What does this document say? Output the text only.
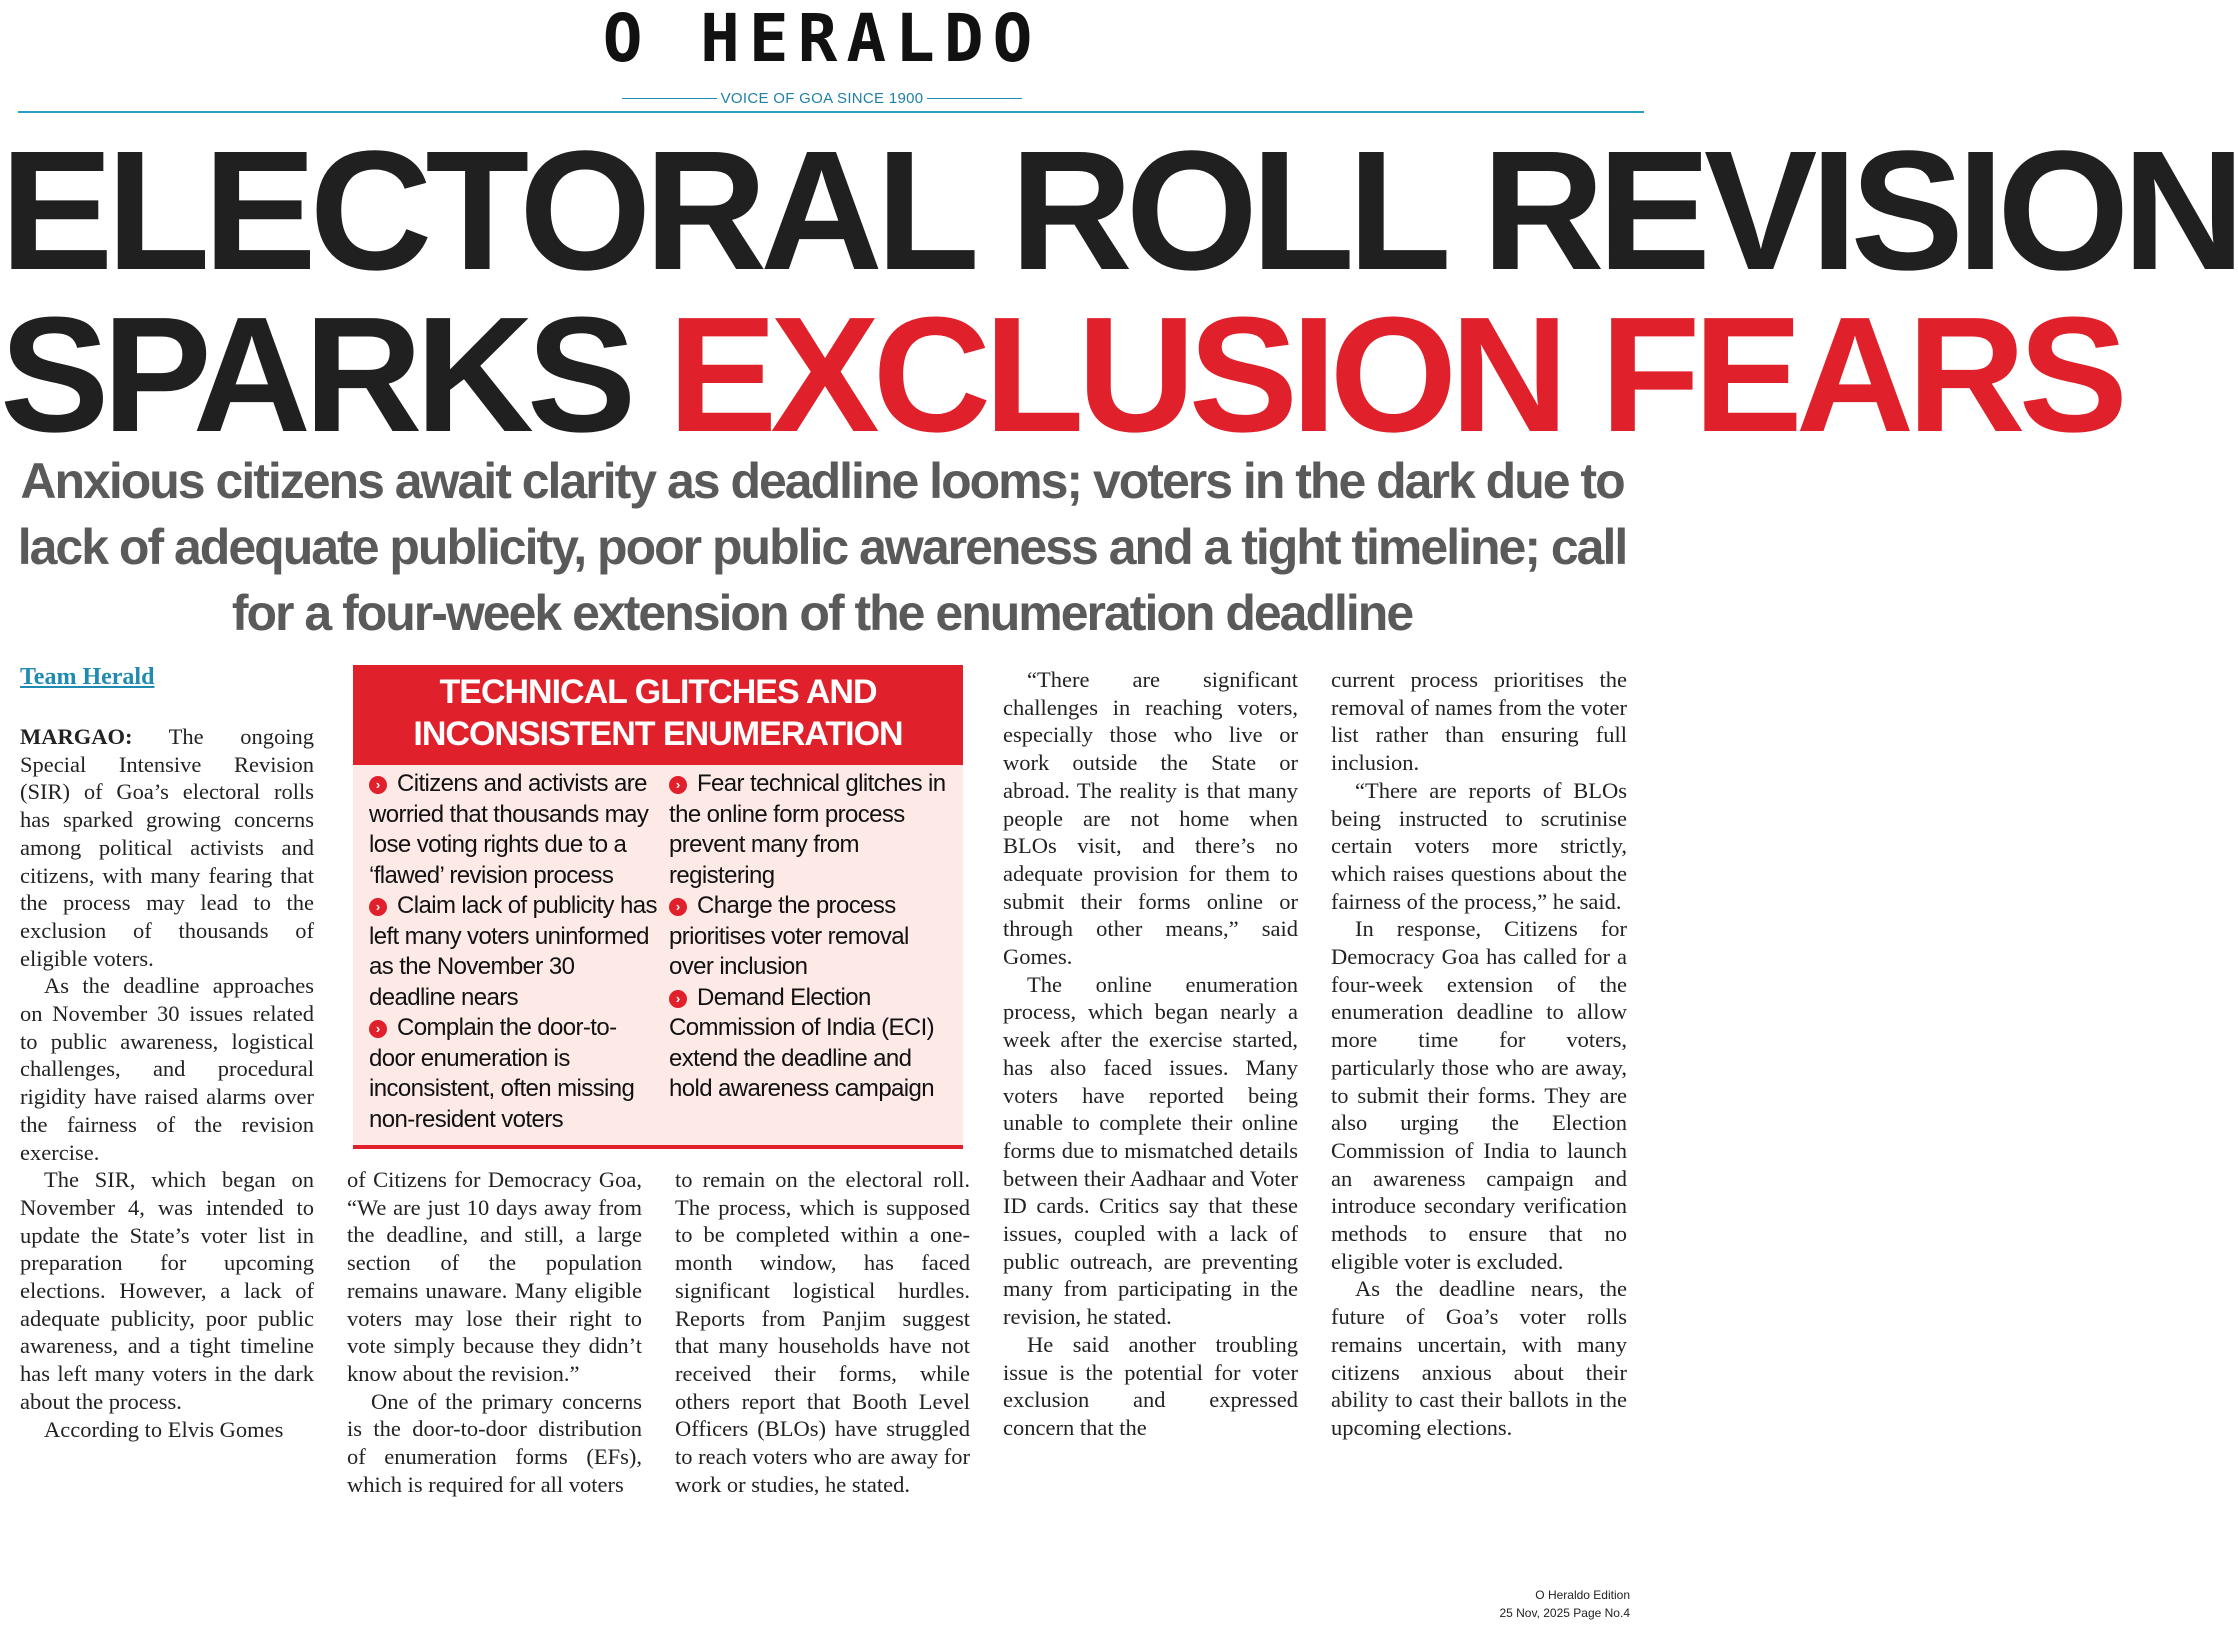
O HERALDO
VOICE OF GOA SINCE 1900
ELECTORAL ROLL REVISION
SPARKS EXCLUSION FEARS
Anxious citizens await clarity as deadline looms; voters in the dark due to lack of adequate publicity, poor public awareness and a tight timeline; call for a four-week extension of the enumeration deadline
Team Herald

MARGAO: The ongoing Special Intensive Revision (SIR) of Goa’s electoral rolls has sparked growing concerns among political activists and citizens, with many fearing that the process may lead to the exclusion of thousands of eligible voters.

As the deadline approaches on November 30 issues related to public awareness, logistical challenges, and procedural rigidity have raised alarms over the fairness of the revision exercise.

The SIR, which began on November 4, was intended to update the State’s voter list in preparation for upcoming elections. However, a lack of adequate publicity, poor public awareness, and a tight timeline has left many voters in the dark about the process.

According to Elvis Gomes

TECHNICAL GLITCHES AND
INCONSISTENT ENUMERATION
› Citizens and activists are worried that thousands may lose voting rights due to a ‘flawed’ revision process
› Claim lack of publicity has left many voters uninformed as the November 30 deadline nears
› Complain the door-to-door enumeration is inconsistent, often missing non-resident voters
› Fear technical glitches in the online form process prevent many from registering
› Charge the process prioritises voter removal over inclusion
› Demand Election Commission of India (ECI) extend the deadline and hold awareness campaign

of Citizens for Democracy Goa, “We are just 10 days away from the deadline, and still, a large section of the population remains unaware. Many eligible voters may lose their right to vote simply because they didn’t know about the revision.”

One of the primary concerns is the door-to-door distribution of enumeration forms (EFs), which is required for all voters

to remain on the electoral roll. The process, which is supposed to be completed within a one-month window, has faced significant logistical hurdles. Reports from Panjim suggest that many households have not received their forms, while others report that Booth Level Officers (BLOs) have struggled to reach voters who are away for work or studies, he stated.

“There are significant challenges in reaching voters, especially those who live or work outside the State or abroad. The reality is that many people are not home when BLOs visit, and there’s no adequate provision for them to submit their forms online or through other means,” said Gomes.

The online enumeration process, which began nearly a week after the exercise started, has also faced issues. Many voters have reported being unable to complete their online forms due to mismatched details between their Aadhaar and Voter ID cards. Critics say that these issues, coupled with a lack of public outreach, are preventing many from participating in the revision, he stated.

He said another troubling issue is the potential for voter exclusion and expressed concern that the

current process prioritises the removal of names from the voter list rather than ensuring full inclusion.

“There are reports of BLOs being instructed to scrutinise certain voters more strictly, which raises questions about the fairness of the process,” he said.

In response, Citizens for Democracy Goa has called for a four-week extension of the enumeration deadline to allow more time for voters, particularly those who are away, to submit their forms. They are also urging the Election Commission of India to launch an awareness campaign and introduce secondary verification methods to ensure that no eligible voter is excluded.

As the deadline nears, the future of Goa’s voter rolls remains uncertain, with many citizens anxious about their ability to cast their ballots in the upcoming elections.

O Heraldo Edition
25 Nov, 2025 Page No.4
